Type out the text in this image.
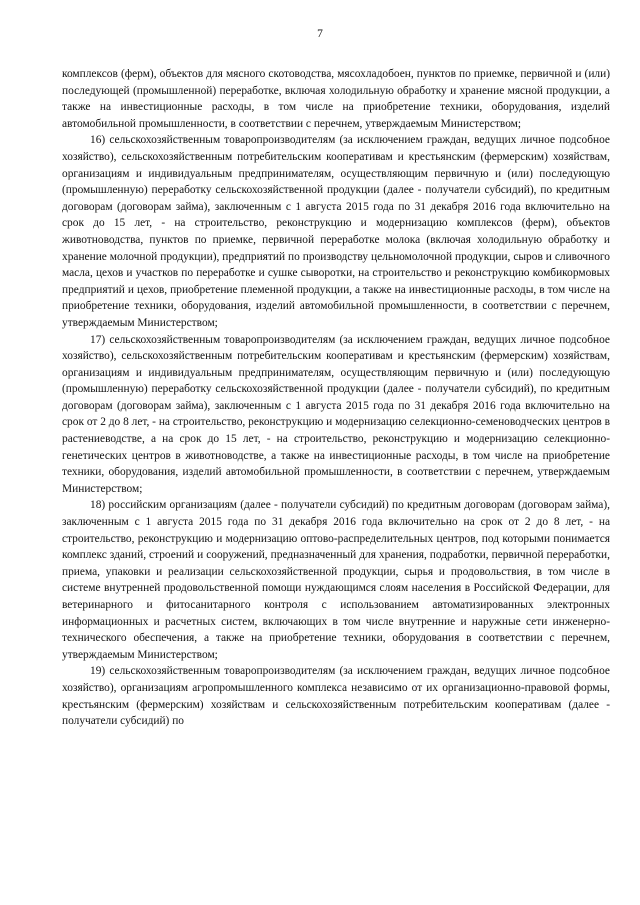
7

комплексов (ферм), объектов для мясного скотоводства, мясохладобоен, пунктов по приемке, первичной и (или) последующей (промышленной) переработке, включая холодильную обработку и хранение мясной продукции, а также на инвестиционные расходы, в том числе на приобретение техники, оборудования, изделий автомобильной промышленности, в соответствии с перечнем, утверждаемым Министерством;

16) сельскохозяйственным товаропроизводителям (за исключением граждан, ведущих личное подсобное хозяйство), сельскохозяйственным потребительским кооперативам и крестьянским (фермерским) хозяйствам, организациям и индивидуальным предпринимателям, осуществляющим первичную и (или) последующую (промышленную) переработку сельскохозяйственной продукции (далее - получатели субсидий), по кредитным договорам (договорам займа), заключенным с 1 августа 2015 года по 31 декабря 2016 года включительно на срок до 15 лет, - на строительство, реконструкцию и модернизацию комплексов (ферм), объектов животноводства, пунктов по приемке, первичной переработке молока (включая холодильную обработку и хранение молочной продукции), предприятий по производству цельномолочной продукции, сыров и сливочного масла, цехов и участков по переработке и сушке сыворотки, на строительство и реконструкцию комбикормовых предприятий и цехов, приобретение племенной продукции, а также на инвестиционные расходы, в том числе на приобретение техники, оборудования, изделий автомобильной промышленности, в соответствии с перечнем, утверждаемым Министерством;

17) сельскохозяйственным товаропроизводителям (за исключением граждан, ведущих личное подсобное хозяйство), сельскохозяйственным потребительским кооперативам и крестьянским (фермерским) хозяйствам, организациям и индивидуальным предпринимателям, осуществляющим первичную и (или) последующую (промышленную) переработку сельскохозяйственной продукции (далее - получатели субсидий), по кредитным договорам (договорам займа), заключенным с 1 августа 2015 года по 31 декабря 2016 года включительно на срок от 2 до 8 лет, - на строительство, реконструкцию и модернизацию селекционно-семеноводческих центров в растениеводстве, а на срок до 15 лет, - на строительство, реконструкцию и модернизацию селекционно-генетических центров в животноводстве, а также на инвестиционные расходы, в том числе на приобретение техники, оборудования, изделий автомобильной промышленности, в соответствии с перечнем, утверждаемым Министерством;

18) российским организациям (далее - получатели субсидий) по кредитным договорам (договорам займа), заключенным с 1 августа 2015 года по 31 декабря 2016 года включительно на срок от 2 до 8 лет, - на строительство, реконструкцию и модернизацию оптово-распределительных центров, под которыми понимается комплекс зданий, строений и сооружений, предназначенный для хранения, подработки, первичной переработки, приема, упаковки и реализации сельскохозяйственной продукции, сырья и продовольствия, в том числе в системе внутренней продовольственной помощи нуждающимся слоям населения в Российской Федерации, для ветеринарного и фитосанитарного контроля с использованием автоматизированных электронных информационных и расчетных систем, включающих в том числе внутренние и наружные сети инженерно-технического обеспечения, а также на приобретение техники, оборудования в соответствии с перечнем, утверждаемым Министерством;

19) сельскохозяйственным товаропроизводителям (за исключением граждан, ведущих личное подсобное хозяйство), организациям агропромышленного комплекса независимо от их организационно-правовой формы, крестьянским (фермерским) хозяйствам и сельскохозяйственным потребительским кооперативам (далее - получатели субсидий) по
